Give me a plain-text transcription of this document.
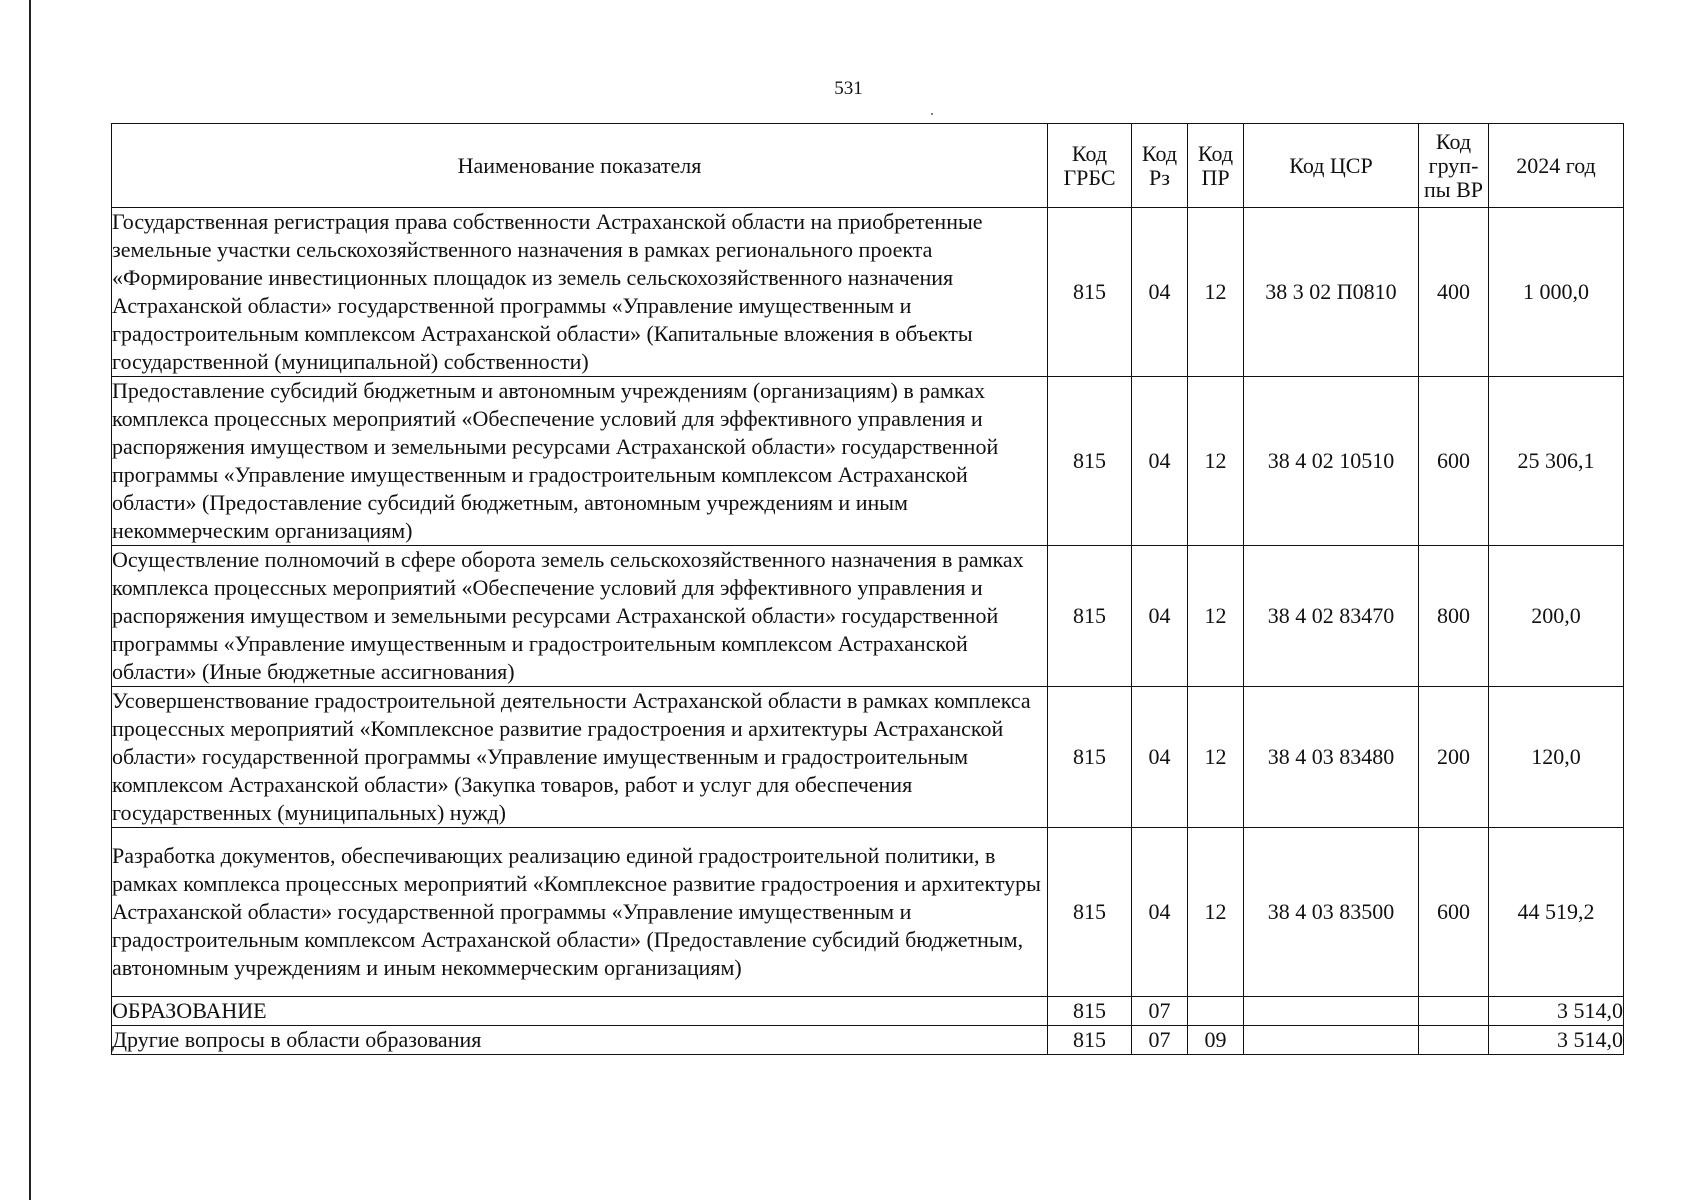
531
Наименование показателя	Код ГРБС	Код Рз	Код ПР	Код ЦСР	Код груп-пы ВР	2024 год
Государственная регистрация права собственности Астраханской области на приобретенные земельные участки сельскохозяйственного назначения в рамках регионального проекта «Формирование инвестиционных площадок из земель сельскохозяйственного назначения Астраханской области» государственной программы «Управление имущественным и градостроительным комплексом Астраханской области» (Капитальные вложения в объекты государственной (муниципальной) собственности)	815	04	12	38 3 02 П0810	400	1 000,0
Предоставление субсидий бюджетным и автономным учреждениям (организациям) в рамках комплекса процессных мероприятий «Обеспечение условий для эффективного управления и распоряжения имуществом и земельными ресурсами Астраханской области» государственной программы «Управление имущественным и градостроительным комплексом Астраханской области» (Предоставление субсидий бюджетным, автономным учреждениям и иным некоммерческим организациям)	815	04	12	38 4 02 10510	600	25 306,1
Осуществление полномочий в сфере оборота земель сельскохозяйственного назначения в рамках комплекса процессных мероприятий «Обеспечение условий для эффективного управления и распоряжения имуществом и земельными ресурсами Астраханской области» государственной программы «Управление имущественным и градостроительным комплексом Астраханской области» (Иные бюджетные ассигнования)	815	04	12	38 4 02 83470	800	200,0
Усовершенствование градостроительной деятельности Астраханской области в рамках комплекса процессных мероприятий «Комплексное развитие градостроения и архитектуры Астраханской области» государственной программы «Управление имущественным и градостроительным комплексом Астраханской области» (Закупка товаров, работ и услуг для обеспечения государственных (муниципальных) нужд)	815	04	12	38 4 03 83480	200	120,0
Разработка документов, обеспечивающих реализацию единой градостроительной политики, в рамках комплекса процессных мероприятий «Комплексное развитие градостроения и архитектуры Астраханской области» государственной программы «Управление имущественным и градостроительным комплексом Астраханской области» (Предоставление субсидий бюджетным, автономным учреждениям и иным некоммерческим организациям)	815	04	12	38 4 03 83500	600	44 519,2
ОБРАЗОВАНИЕ	815	07				3 514,0
Другие вопросы в области образования	815	07	09			3 514,0
